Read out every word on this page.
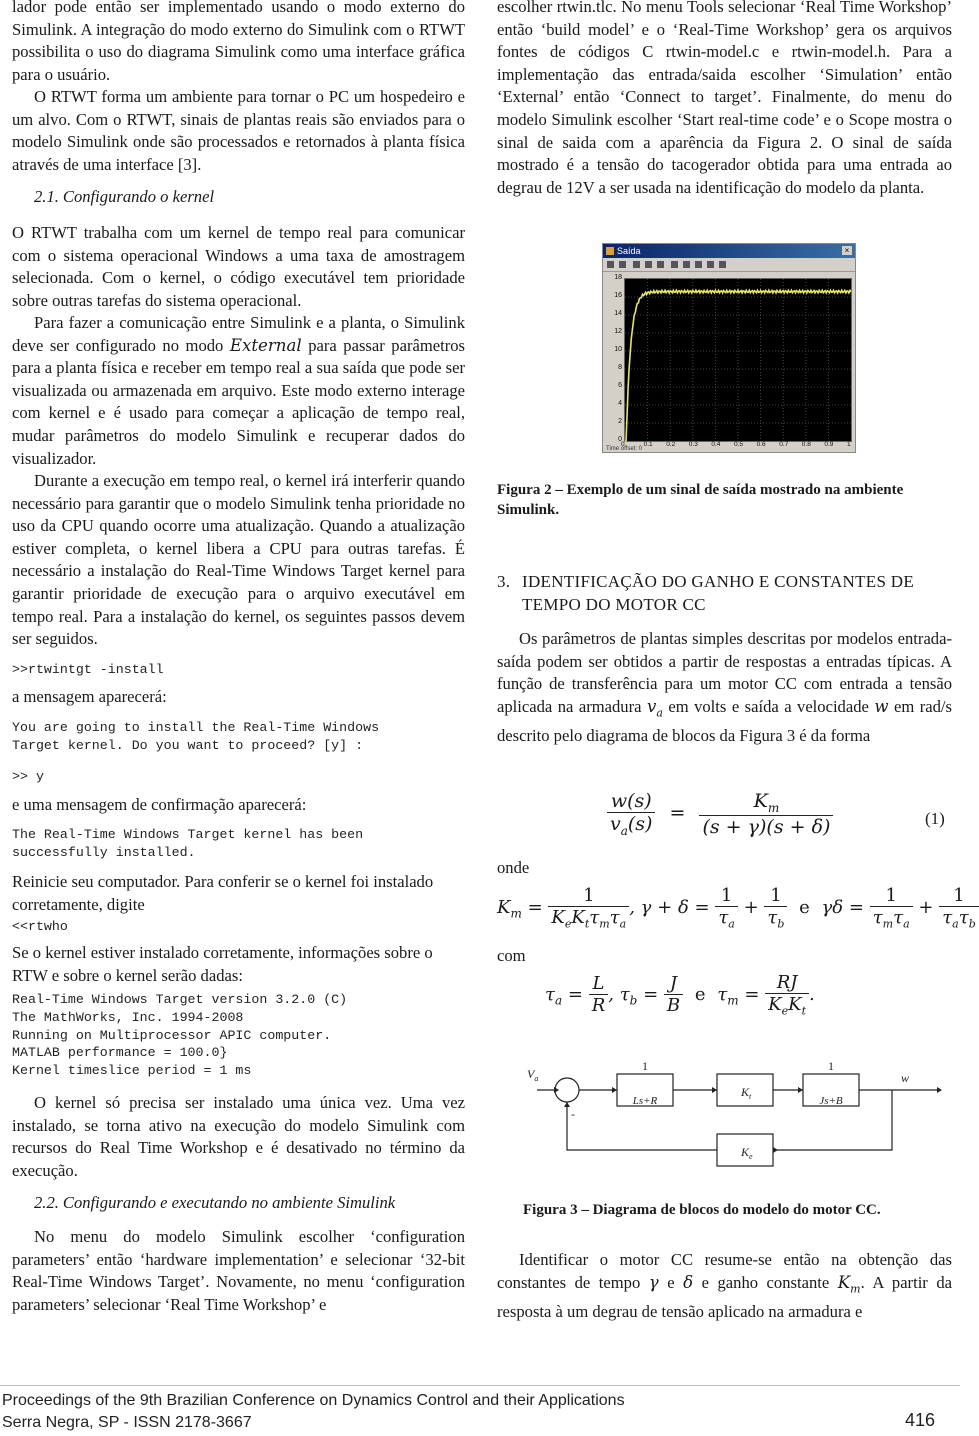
lador pode então ser implementado usando o modo externo do Simulink. A integração do modo externo do Simulink com o RTWT possibilita o uso do diagrama Simulink como uma interface gráfica para o usuário.

O RTWT forma um ambiente para tornar o PC um hospedeiro e um alvo. Com o RTWT, sinais de plantas reais são enviados para o modelo Simulink onde são processados e retornados à planta física através de uma interface [3].

2.1. Configurando o kernel

O RTWT trabalha com um kernel de tempo real para comunicar com o sistema operacional Windows a uma taxa de amostragem selecionada. Com o kernel, o código executável tem prioridade sobre outras tarefas do sistema operacional.

Para fazer a comunicação entre Simulink e a planta, o Simulink deve ser configurado no modo External para passar parâmetros para a planta física e receber em tempo real a sua saída que pode ser visualizada ou armazenada em arquivo. Este modo externo interage com kernel e é usado para começar a aplicação de tempo real, mudar parâmetros do modelo Simulink e recuperar dados do visualizador.

Durante a execução em tempo real, o kernel irá interferir quando necessário para garantir que o modelo Simulink tenha prioridade no uso da CPU quando ocorre uma atualização. Quando a atualização estiver completa, o kernel libera a CPU para outras tarefas. É necessário a instalação do Real-Time Windows Target kernel para garantir prioridade de execução para o arquivo executável em tempo real. Para a instalação do kernel, os seguintes passos devem ser seguidos.

>>rtwintgt -install

a mensagem aparecerá:

You are going to install the Real-Time Windows
Target kernel. Do you want to proceed? [y] :
>> y

e uma mensagem de confirmação aparecerá:

The Real-Time Windows Target kernel has been
successfully installed.

Reinicie seu computador. Para conferir se o kernel foi instalado corretamente, digite

<<rtwho

Se o kernel estiver instalado corretamente, informações sobre o RTW e sobre o kernel serão dadas:

Real-Time Windows Target version 3.2.0 (C)
The MathWorks, Inc. 1994-2008
Running on Multiprocessor APIC computer.
MATLAB performance = 100.0}
Kernel timeslice period = 1 ms

O kernel só precisa ser instalado uma única vez. Uma vez instalado, se torna ativo na execução do modelo Simulink com recursos do Real Time Workshop e é desativado no término da execução.

2.2. Configurando e executando no ambiente Simulink

No menu do modelo Simulink escolher ‘configuration parameters’ então ‘hardware implementation’ e selecionar ‘32-bit Real-Time Windows Target’. Novamente, no menu ‘configuration parameters’ selecionar ‘Real Time Workshop’ e

escolher rtwin.tlc. No menu Tools selecionar ‘Real Time Workshop’ então ‘build model’ e o ‘Real-Time Workshop’ gera os arquivos fontes de códigos C rtwin-model.c e rtwin-model.h. Para a implementação das entrada/saida escolher ‘Simulation’ então ‘External’ então ‘Connect to target’. Finalmente, do menu do modelo Simulink escolher ‘Start real-time code’ e o Scope mostra o sinal de saida com a aparência da Figura 2. O sinal de saída mostrado é a tensão do tacogerador obtida para uma entrada ao degrau de 12V a ser usada na identificação do modelo da planta.

Figura 2 – Exemplo de um sinal de saída mostrado na ambiente Simulink.

3. IDENTIFICAÇÃO DO GANHO E CONSTANTES DE TEMPO DO MOTOR CC

Os parâmetros de plantas simples descritas por modelos entrada-saída podem ser obtidos a partir de respostas a entradas típicas. A função de transferência para um motor CC com entrada a tensão aplicada na armadura $v_a$ em volts e saída a velocidade w em rad/s descrito pelo diagrama de blocos da Figura 3 é da forma

$\frac{w(s)}{v_a(s)} = \frac{K_m}{(s + \gamma)(s + \delta)}$	(1)

onde

$K_m = \frac{1}{K_eK_t\tau_m\tau_a}$ , $\gamma + \delta = \frac{1}{\tau_a} + \frac{1}{\tau_b}$ e $\gamma\delta = \frac{1}{\tau_m\tau_a} + \frac{1}{\tau_a\tau_b}$

com

$\tau_a = \frac{L}{R}$ , $\tau_b = \frac{J}{B}$ e $\tau_m = \frac{RJ}{K_eK_t}$ .

Figura 3 – Diagrama de blocos do modelo do motor CC.

Identificar o motor CC resume-se então na obtenção das constantes de tempo γ e δ e ganho constante $K_m$. A partir da resposta à um degrau de tensão aplicado na armadura e

Saída	×
18
16
14
12
10
8
6
4
2
0
0	0.1 0.2 0.3 0.4 0.5 0.6 0.7 0.8 0.9 1
Time offset: 0
$V_a$
-
1
Ls+R
$K_t$
1
Js+B
$K_e$
w
Proceedings of the 9th Brazilian Conference on Dynamics Control and their Applications
Serra Negra, SP - ISSN 2178-3667	416
